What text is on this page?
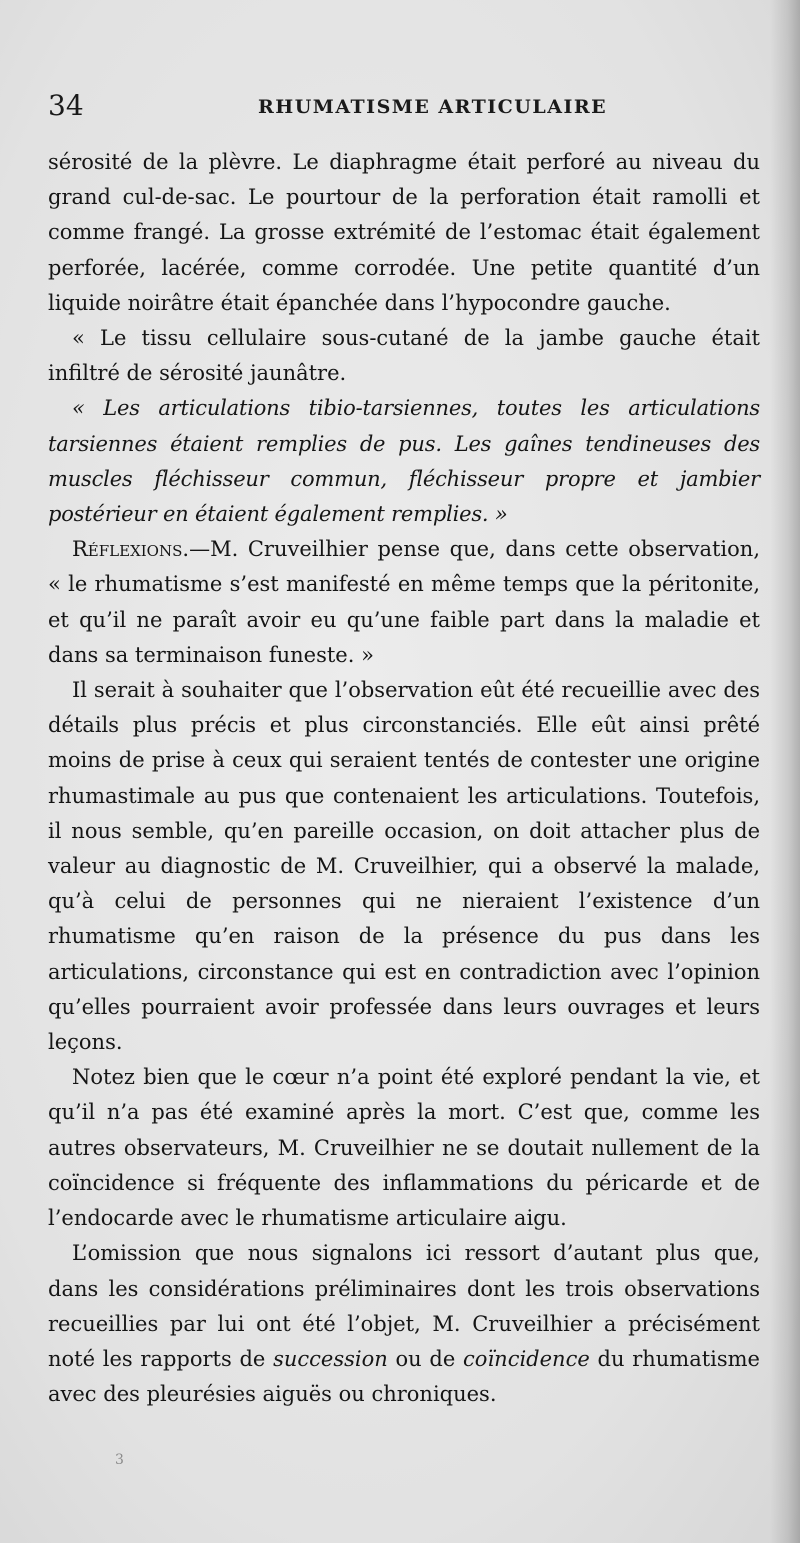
34	RHUMATISME ARTICULAIRE

sérosité de la plèvre. Le diaphragme était perforé au niveau du grand cul-de-sac. Le pourtour de la perforation était ramolli et comme frangé. La grosse extrémité de l’estomac était également perforée, lacérée, comme corrodée. Une petite quantité d’un liquide noirâtre était épanchée dans l’hypocondre gauche.

« Le tissu cellulaire sous-cutané de la jambe gauche était infiltré de sérosité jaunâtre.

« Les articulations tibio-tarsiennes, toutes les articulations tarsiennes étaient remplies de pus. Les gaînes tendineuses des muscles fléchisseur commun, fléchisseur propre et jambier postérieur en étaient également remplies. »

Réflexions.—M. Cruveilhier pense que, dans cette observation, « le rhumatisme s’est manifesté en même temps que la péritonite, et qu’il ne paraît avoir eu qu’une faible part dans la maladie et dans sa terminaison funeste. »

Il serait à souhaiter que l’observation eût été recueillie avec des détails plus précis et plus circonstanciés. Elle eût ainsi prêté moins de prise à ceux qui seraient tentés de contester une origine rhumastimale au pus que contenaient les articulations. Toutefois, il nous semble, qu’en pareille occasion, on doit attacher plus de valeur au diagnostic de M. Cruveilhier, qui a observé la malade, qu’à celui de personnes qui ne nieraient l’existence d’un rhumatisme qu’en raison de la présence du pus dans les articulations, circonstance qui est en contradiction avec l’opinion qu’elles pourraient avoir professée dans leurs ouvrages et leurs leçons.

Notez bien que le cœur n’a point été exploré pendant la vie, et qu’il n’a pas été examiné après la mort. C’est que, comme les autres observateurs, M. Cruveilhier ne se doutait nullement de la coïncidence si fréquente des inflammations du péricarde et de l’endocarde avec le rhumatisme articulaire aigu.

L’omission que nous signalons ici ressort d’autant plus que, dans les considérations préliminaires dont les trois observations recueillies par lui ont été l’objet, M. Cruveilhier a précisément noté les rapports de succession ou de coïncidence du rhumatisme avec des pleurésies aiguës ou chroniques.

3
